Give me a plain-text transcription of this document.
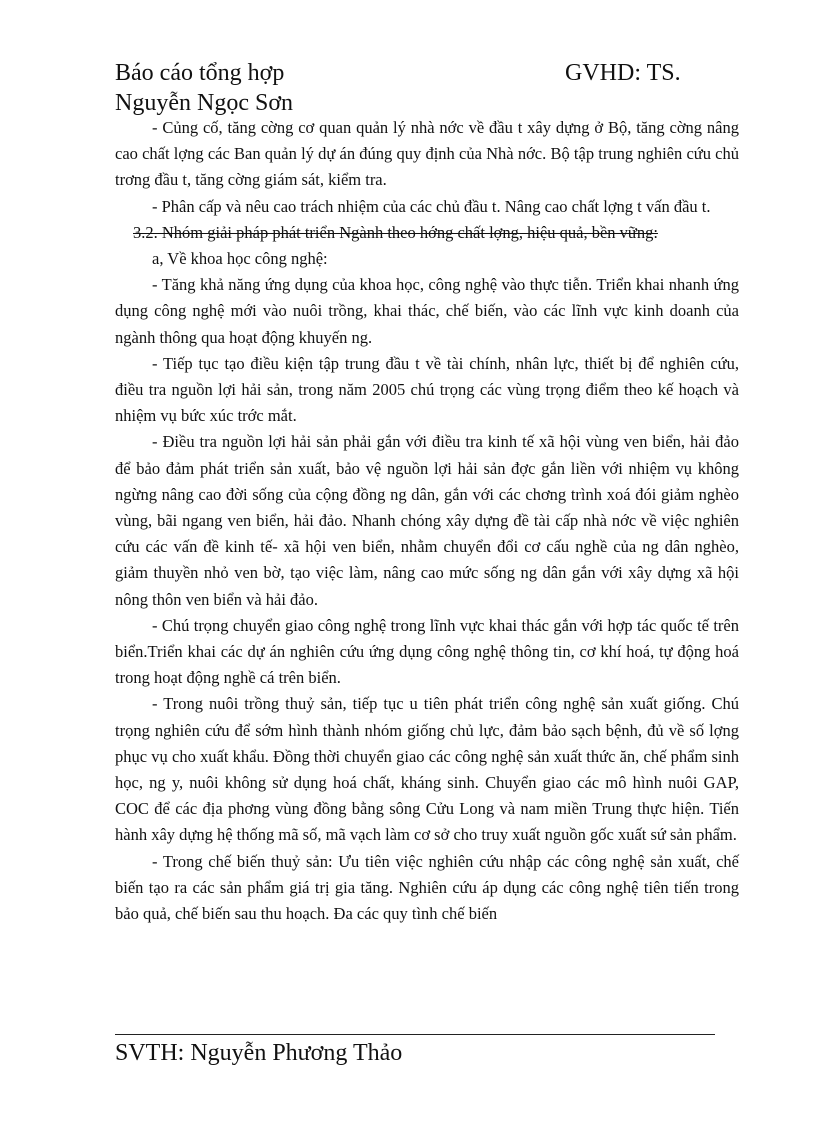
Báo cáo tổng hợp	GVHD: TS.
Nguyễn Ngọc Sơn

- Củng cố, tăng cờng cơ quan quản lý nhà nớc về đầu t xây dựng ở Bộ, tăng cờng nâng cao chất lợng các Ban quản lý dự án đúng quy định của Nhà nớc. Bộ tập trung nghiên cứu chủ trơng đầu t, tăng cờng giám sát, kiểm tra.

- Phân cấp và nêu cao trách nhiệm của các chủ đầu t. Nâng cao chất lợng t vấn đầu t.

3.2. Nhóm giải pháp phát triển Ngành theo hớng chất lợng, hiệu quả, bền vững:

a, Về khoa học công nghệ:

- Tăng khả năng ứng dụng của khoa học, công nghệ vào thực tiễn. Triển khai nhanh ứng dụng công nghệ mới vào nuôi trồng, khai thác, chế biến, vào các lĩnh vực kinh doanh của ngành thông qua hoạt động khuyến ng.

- Tiếp tục tạo điều kiện tập trung đầu t về tài chính, nhân lực, thiết bị để nghiên cứu, điều tra nguồn lợi hải sản, trong năm 2005 chú trọng các vùng trọng điểm theo kế hoạch và nhiệm vụ bức xúc trớc mắt.

- Điều tra nguồn lợi hải sản phải gắn với điều tra kinh tế xã hội vùng ven biển, hải đảo để bảo đảm phát triển sản xuất, bảo vệ nguồn lợi hải sản đợc gắn liền với nhiệm vụ không ngừng nâng cao đời sống của cộng đồng ng dân, gắn với các chơng trình xoá đói giảm nghèo vùng, bãi ngang ven biển, hải đảo. Nhanh chóng xây dựng đề tài cấp nhà nớc về việc nghiên cứu các vấn đề kinh tế- xã hội ven biển, nhằm chuyển đổi cơ cấu nghề của ng dân nghèo, giảm thuyền nhỏ ven bờ, tạo việc làm, nâng cao mức sống ng dân gắn với xây dựng xã hội nông thôn ven biển và hải đảo.

- Chú trọng chuyển giao công nghệ trong lĩnh vực khai thác gắn với hợp tác quốc tế trên biển.Triển khai các dự án nghiên cứu ứng dụng công nghệ thông tin, cơ khí hoá, tự động hoá trong hoạt động nghề cá trên biển.

- Trong nuôi trồng thuỷ sản, tiếp tục u tiên phát triển công nghệ sản xuất giống. Chú trọng nghiên cứu để sớm hình thành nhóm giống chủ lực, đảm bảo sạch bệnh, đủ về số lợng phục vụ cho xuất khẩu. Đồng thời chuyển giao các công nghệ sản xuất thức ăn, chế phẩm sinh học, ng y, nuôi không sử dụng hoá chất, kháng sinh. Chuyển giao các mô hình nuôi GAP, COC để các địa phơng vùng đồng bằng sông Cửu Long và nam miền Trung thực hiện. Tiến hành xây dựng hệ thống mã số, mã vạch làm cơ sở cho truy xuất nguồn gốc xuất sứ sản phẩm.

- Trong chế biến thuỷ sản: Ưu tiên việc nghiên cứu nhập các công nghệ sản xuất, chế biến tạo ra các sản phẩm giá trị gia tăng. Nghiên cứu áp dụng các công nghệ tiên tiến trong bảo quả, chế biến sau thu hoạch. Đa các quy tình chế biến

SVTH: Nguyễn Phương Thảo
